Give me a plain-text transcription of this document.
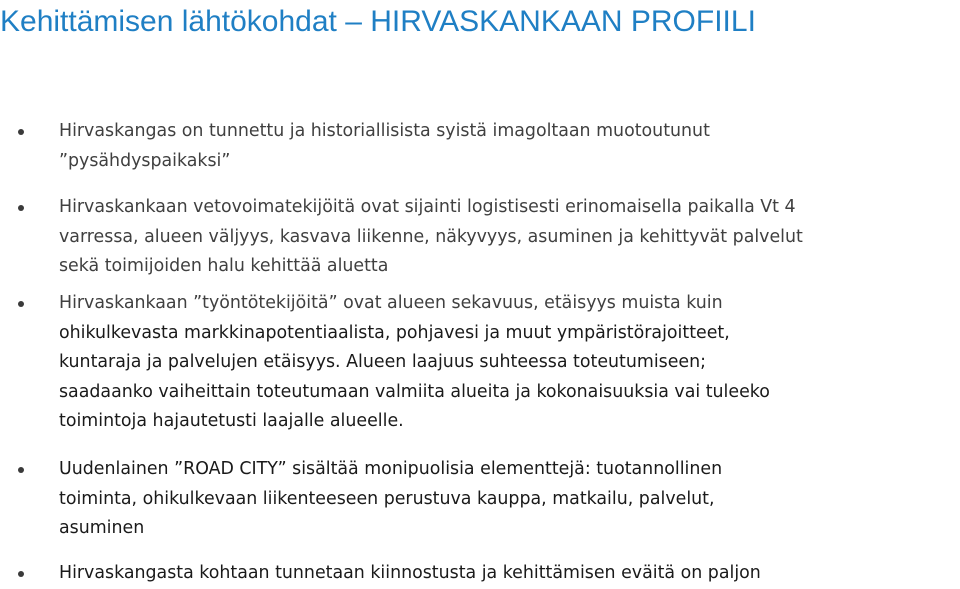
Kehittämisen lähtökohdat – HIRVASKANKAAN PROFIILI

Hirvaskangas on tunnettu ja historiallisista syistä imagoltaan muotoutunut
”pysähdyspaikaksi”

Hirvaskankaan vetovoimatekijöitä ovat sijainti logistisesti erinomaisella paikalla Vt 4
varressa, alueen väljyys, kasvava liikenne, näkyvyys, asuminen ja kehittyvät palvelut
sekä toimijoiden halu kehittää aluetta

Hirvaskankaan ”työntötekijöitä” ovat alueen sekavuus, etäisyys muista kuin
ohikulkevasta markkinapotentiaalista, pohjavesi ja muut ympäristörajoitteet,
kuntaraja ja palvelujen etäisyys. Alueen laajuus suhteessa toteutumiseen;
saadaanko vaiheittain toteutumaan valmiita alueita ja kokonaisuuksia vai tuleeko
toimintoja hajautetusti laajalle alueelle.

Uudenlainen ”ROAD CITY” sisältää monipuolisia elementtejä: tuotannollinen
toiminta, ohikulkevaan liikenteeseen perustuva kauppa, matkailu, palvelut,
asuminen

Hirvaskangasta kohtaan tunnetaan kiinnostusta ja kehittämisen eväitä on paljon
